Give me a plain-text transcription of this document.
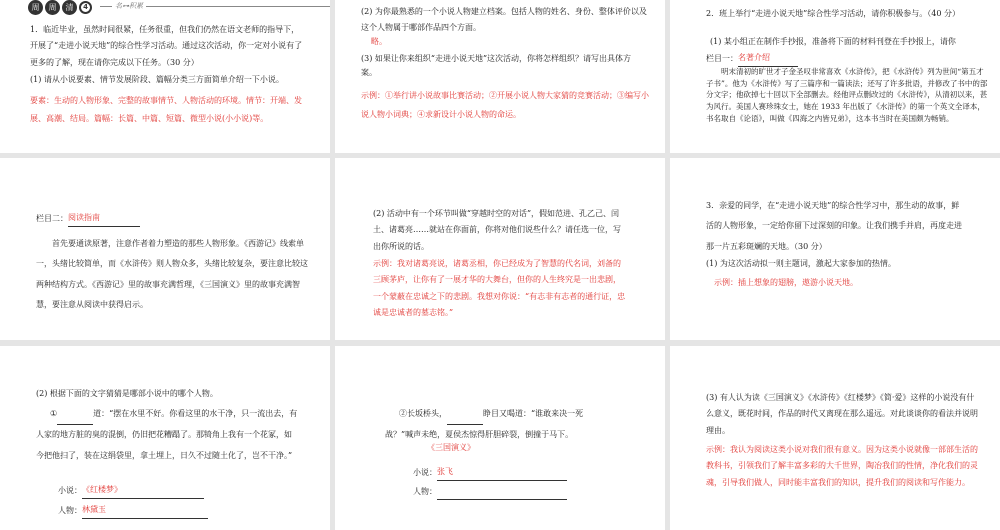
周	周	清	4	名⊶积累
1．临近毕业，虽然时间很紧，任务很重，但我们仍然在语文老师的指导下，开展了“走进小说天地”的综合性学习活动。通过这次活动，你一定对小说有了更多的了解，现在请你完成以下任务。（30 分）
(1) 请从小说要素、情节发展阶段、篇幅分类三方面简单介绍一下小说。
要素：生动的人物形象、完整的故事情节、人物活动的环境。情节：开端、发展、高潮、结局。篇幅：长篇、中篇、短篇、微型小说(小小说)等。
(2) 为你最熟悉的一个小说人物建立档案。包括人物的姓名、身份、整体评价以及这个人物属于哪部作品四个方面。
略。
(3) 如果让你来组织“走进小说天地”这次活动，你将怎样组织？请写出具体方案。
示例：①举行讲小说故事比赛活动；②开展小说人物大家猜的竞赛活动；③编写小说人物小词典；④求新设计小说人物的命运。
2．班上举行“走进小说天地”综合性学习活动，请你积极参与。（40 分）
(1) 某小组正在制作手抄报，准备将下面的材料刊登在手抄报上，请你
栏目一：名著介绍
明末清初的旷世才子金圣叹非常喜欢《水浒传》，把《水浒传》列为世间“第五才子书”。他为《水浒传》写了三篇序和一篇读法；还写了许多批语，并修改了书中的部分文字；他砍掉七十回以下全部删去。经他评点删改过的《水浒传》，从清初以来，甚为风行。美国人赛珍珠女士，她在 1933 年出版了《水浒传》的第一个英文全译本，书名取自《论语》，叫做《四海之内皆兄弟》，这本书当时在美国颇为畅销。
栏目二：阅读指南
首先要通读原著，注意作者着力塑造的那些人物形象。《西游记》线索单一，头绪比较简单，而《水浒传》则人物众多，头绪比较复杂，要注意比较这两种结构方式。《西游记》里的故事充满哲理，《三国演义》里的故事充满智慧，要注意从阅读中获得启示。
(2) 活动中有一个环节叫做“穿越时空的对话”，假如范进、孔乙己、闰土、诸葛亮……就站在你面前，你将对他们说些什么？请任选一位，写出你所说的话。
示例：我对诸葛亮说，诸葛丞相，你已经成为了智慧的代名词，刘备的三顾茅庐，让你有了一展才华的大舞台，但你的人生终究是一出悲剧，一个蒙蔽在忠诚之下的悲剧。我想对你说：“有志非有志者的通行证，忠诚是忠诚者的墓志铭。”
3．亲爱的同学，在“走进小说天地”的综合性学习中，那生动的故事，鲜活的人物形象，一定给你留下过深刻的印象。让我们携手并肩，再度走进那一片五彩斑斓的天地。（30 分）
(1) 为这次活动拟一则主题词，激起大家参加的热情。
示例：插上想象的翅膀，遨游小说天地。
(2) 根据下面的文字猜猜是哪部小说中的哪个人物。
①	道：“摆在水里不好。你看这里的水干净，只一流出去，有人家的地方脏的臭的混倒，仍旧把花糟蹋了。那犄角上我有一个花冢，如今把他扫了，装在这绢袋里，拿土埋上，日久不过随土化了，岂不干净。”
小说：《红楼梦》
人物：林黛玉
②长坂桥头，	睁目又喝道：“谁敢来决一死战？”喊声未绝，夏侯杰惊得肝胆碎裂，倒撞于马下。
《三国演义》
小说：张飞
人物：
(3) 有人认为读《三国演义》《水浒传》《红楼梦》《简·爱》这样的小说没有什么意义，既花时间，作品的时代又离现在那么遥远。对此谈谈你的看法并说明理由。
示例：我认为阅读这类小说对我们很有意义。因为这类小说就像一部部生活的教科书，引领我们了解丰富多彩的大千世界，陶冶我们的性情，净化我们的灵魂，引导我们做人，同时能丰富我们的知识，提升我们的阅读和写作能力。
